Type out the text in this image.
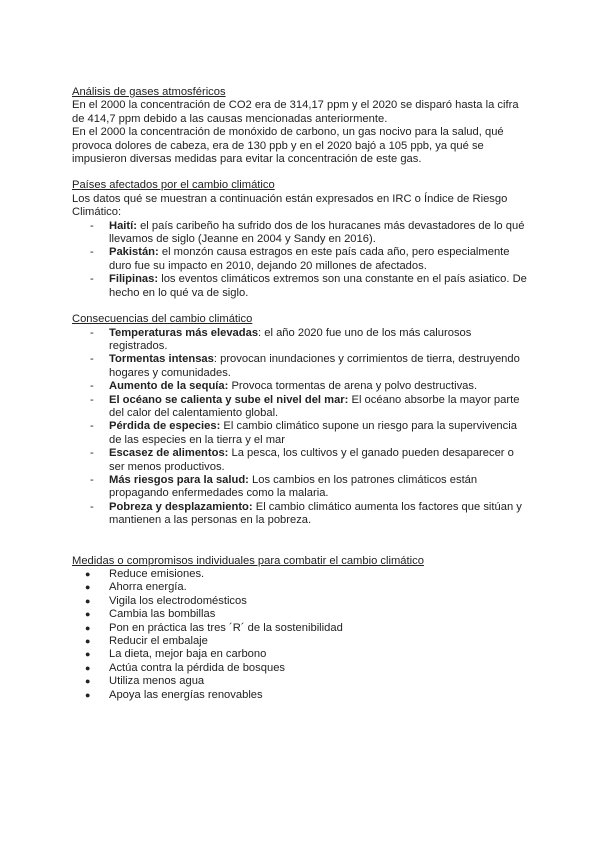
Análisis de gases atmosféricos

En el 2000 la concentración de CO2 era de 314,17 ppm y el 2020 se disparó hasta la cifra de 414,7 ppm debido a las causas mencionadas anteriormente.

En el 2000 la concentración de monóxido de carbono, un gas nocivo para la salud, qué provoca dolores de cabeza, era de 130 ppb y en el 2020 bajó a 105 ppb, ya qué se impusieron diversas medidas para evitar la concentración de este gas.

Países afectados por el cambio climático

Los datos qué se muestran a continuación están expresados en IRC o Índice de Riesgo Climático:

- Haití: el país caribeño ha sufrido dos de los huracanes más devastadores de lo qué llevamos de siglo (Jeanne en 2004 y Sandy en 2016).
- Pakistán: el monzón causa estragos en este país cada año, pero especialmente duro fue su impacto en 2010, dejando 20 millones de afectados.
- Filipinas: los eventos climáticos extremos son una constante en el país asiatico. De hecho en lo qué va de siglo.
Consecuencias del cambio climático
- Temperaturas más elevadas: el año 2020 fue uno de los más calurosos registrados.
- Tormentas intensas: provocan inundaciones y corrimientos de tierra, destruyendo hogares y comunidades.
- Aumento de la sequía: Provoca tormentas de arena y polvo destructivas.
- El océano se calienta y sube el nivel del mar: El océano absorbe la mayor parte del calor del calentamiento global.
- Pérdida de especies: El cambio climático supone un riesgo para la supervivencia de las especies en la tierra y el mar
- Escasez de alimentos: La pesca, los cultivos y el ganado pueden desaparecer o ser menos productivos.
- Más riesgos para la salud: Los cambios en los patrones climáticos están propagando enfermedades como la malaria.
- Pobreza y desplazamiento: El cambio climático aumenta los factores que sitúan y mantienen a las personas en la pobreza.
Medidas o compromisos individuales para combatir el cambio climático
● Reduce emisiones.
● Ahorra energía.
● Vigila los electrodomésticos
● Cambia las bombillas
● Pon en práctica las tres ´R´ de la sostenibilidad
● Reducir el embalaje
● La dieta, mejor baja en carbono
● Actúa contra la pérdida de bosques
● Utiliza menos agua
● Apoya las energías renovables
